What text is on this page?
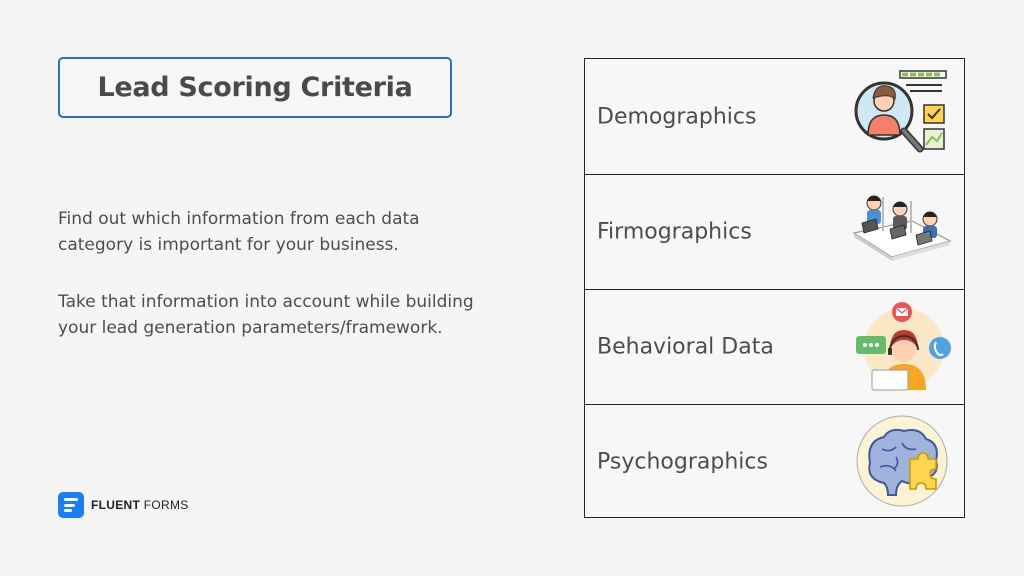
Lead Scoring Criteria

Find out which information from each data category is important for your business.

Take that information into account while building your lead generation parameters/framework.

FLUENT FORMS
Demographics
Firmographics
Behavioral Data
Psychographics
